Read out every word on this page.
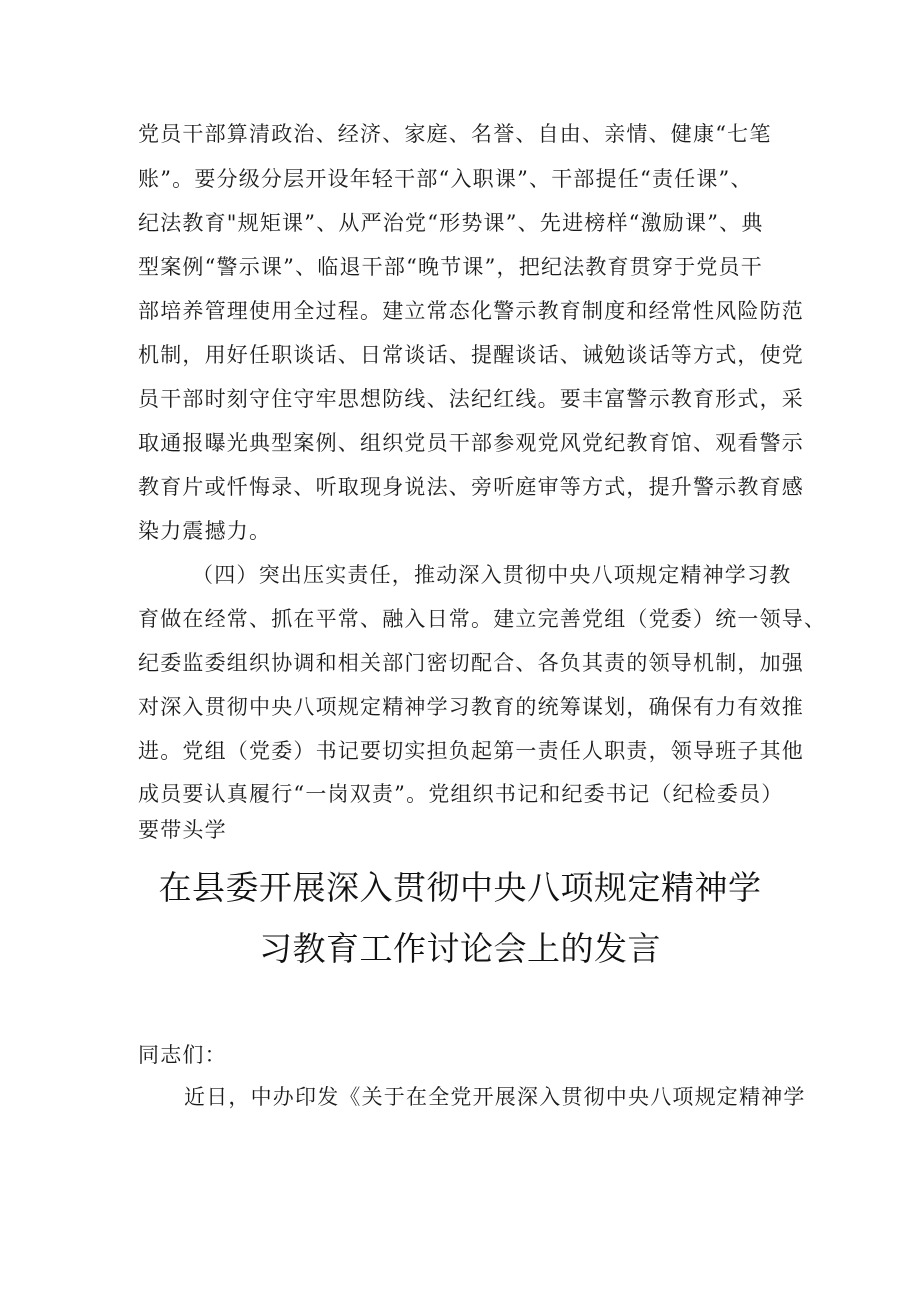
党员干部算清政治、经济、家庭、名誉、自由、亲情、健康“七笔
账”。要分级分层开设年轻干部“入职课”、干部提任“责任课”、
纪法教育"规矩课”、从严治党“形势课”、先进榜样“激励课”、典
型案例“警示课”、临退干部“晚节课”，把纪法教育贯穿于党员干
部培养管理使用全过程。建立常态化警示教育制度和经常性风险防范
机制，用好任职谈话、日常谈话、提醒谈话、诫勉谈话等方式，使党
员干部时刻守住守牢思想防线、法纪红线。要丰富警示教育形式，采
取通报曝光典型案例、组织党员干部参观党风党纪教育馆、观看警示
教育片或忏悔录、听取现身说法、旁听庭审等方式，提升警示教育感
染力震撼力。
（四）突出压实责任，推动深入贯彻中央八项规定精神学习教
育做在经常、抓在平常、融入日常。建立完善党组（党委）统一领导、
纪委监委组织协调和相关部门密切配合、各负其责的领导机制，加强
对深入贯彻中央八项规定精神学习教育的统筹谋划，确保有力有效推
进。党组（党委）书记要切实担负起第一责任人职责，领导班子其他
成员要认真履行“一岗双责”。党组织书记和纪委书记（纪检委员）
要带头学
在县委开展深入贯彻中央八项规定精神学
习教育工作讨论会上的发言
同志们：
近日，中办印发《关于在全党开展深入贯彻中央八项规定精神学
